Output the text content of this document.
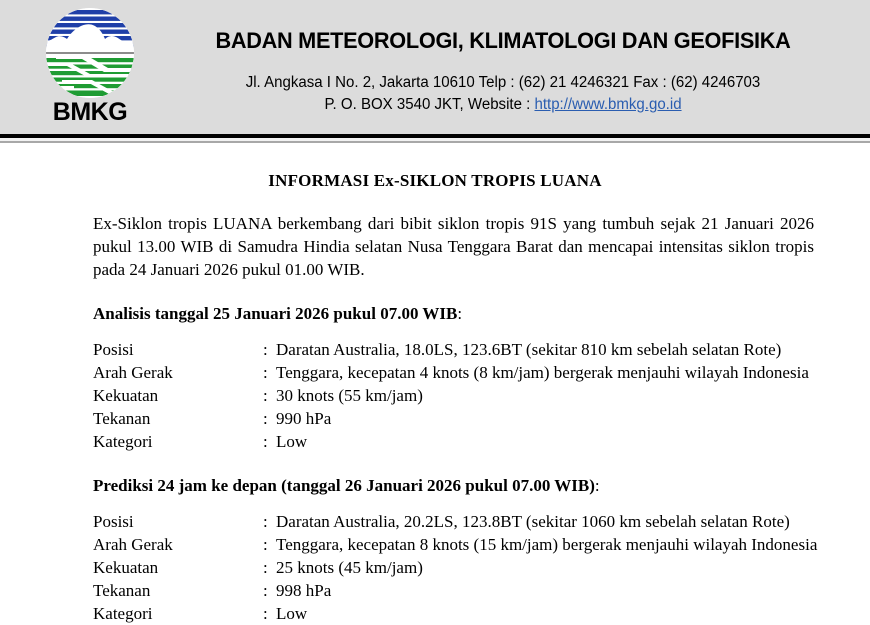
BMKG
BADAN METEOROLOGI, KLIMATOLOGI DAN GEOFISIKA
Jl. Angkasa I No. 2, Jakarta 10610 Telp : (62) 21 4246321 Fax : (62) 4246703
P. O. BOX 3540 JKT, Website : http://www.bmkg.go.id
INFORMASI Ex-SIKLON TROPIS LUANA
Ex-Siklon tropis LUANA berkembang dari bibit siklon tropis 91S yang tumbuh sejak 21 Januari 2026 pukul 13.00 WIB di Samudra Hindia selatan Nusa Tenggara Barat dan mencapai intensitas siklon tropis pada 24 Januari 2026 pukul 01.00 WIB.
Analisis tanggal 25 Januari 2026 pukul 07.00 WIB:
Posisi	: Daratan Australia, 18.0LS, 123.6BT (sekitar 810 km sebelah selatan Rote)
Arah Gerak	: Tenggara, kecepatan 4 knots (8 km/jam) bergerak menjauhi wilayah Indonesia
Kekuatan	: 30 knots (55 km/jam)
Tekanan	: 990 hPa
Kategori	: Low
Prediksi 24 jam ke depan (tanggal 26 Januari 2026 pukul 07.00 WIB):
Posisi	: Daratan Australia, 20.2LS, 123.8BT (sekitar 1060 km sebelah selatan Rote)
Arah Gerak	: Tenggara, kecepatan 8 knots (15 km/jam) bergerak menjauhi wilayah Indonesia
Kekuatan	: 25 knots (45 km/jam)
Tekanan	: 998 hPa
Kategori	: Low
